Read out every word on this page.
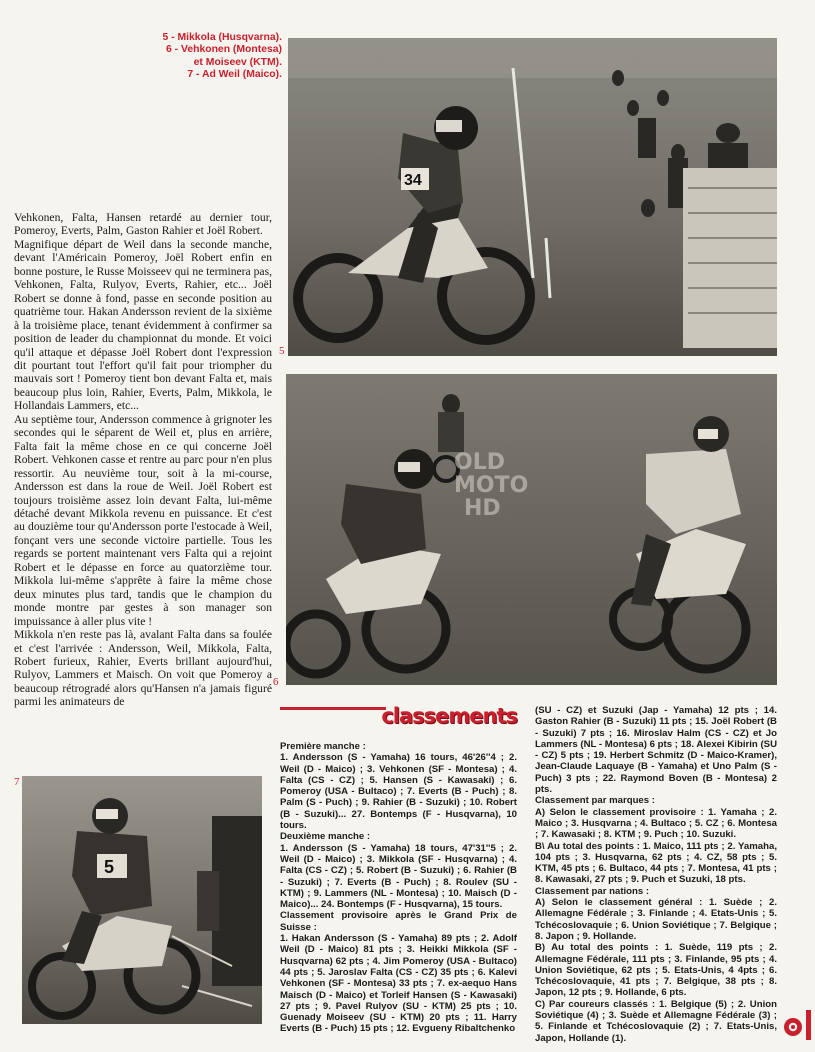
5 - Mikkola (Husqvarna).
6 - Vehkonen (Montesa)
et Moiseev (KTM).
7 - Ad Weil (Maico).
34
5
OLD
MOTO
HD
6
5
7

Vehkonen, Falta, Hansen retardé au dernier tour, Pomeroy, Everts, Palm, Gaston Rahier et Joël Robert.

Magnifique départ de Weil dans la seconde manche, devant l'Américain Pomeroy, Joël Robert enfin en bonne posture, le Russe Moisseev qui ne terminera pas, Vehkonen, Falta, Rulyov, Everts, Rahier, etc... Joël Robert se donne à fond, passe en seconde position au quatrième tour. Hakan Andersson revient de la sixième à la troisième place, tenant évidemment à confirmer sa position de leader du championnat du monde. Et voici qu'il attaque et dépasse Joël Robert dont l'expression dit pourtant tout l'effort qu'il fait pour triompher du mauvais sort ! Pomeroy tient bon devant Falta et, mais beaucoup plus loin, Rahier, Everts, Palm, Mikkola, le Hollandais Lammers, etc...

Au septième tour, Andersson commence à grignoter les secondes qui le séparent de Weil et, plus en arrière, Falta fait la même chose en ce qui concerne Joël Robert. Vehkonen casse et rentre au parc pour n'en plus ressortir. Au neuvième tour, soit à la mi-course, Andersson est dans la roue de Weil. Joël Robert est toujours troisième assez loin devant Falta, lui-même détaché devant Mikkola revenu en puissance. Et c'est au douzième tour qu'Andersson porte l'estocade à Weil, fonçant vers une seconde victoire partielle. Tous les regards se portent maintenant vers Falta qui a rejoint Robert et le dépasse en force au quatorzième tour. Mikkola lui-même s'apprête à faire la même chose deux minutes plus tard, tandis que le champion du monde montre par gestes à son manager son impuissance à aller plus vite !

Mikkola n'en reste pas là, avalant Falta dans sa foulée et c'est l'arrivée : Andersson, Weil, Mikkola, Falta, Robert furieux, Rahier, Everts brillant aujourd'hui, Rulyov, Lammers et Maisch. On voit que Pomeroy a beaucoup rétrogradé alors qu'Hansen n'a jamais figuré parmi les animateurs de

classements

Première manche :

1. Andersson (S - Yamaha) 16 tours, 46'26''4 ; 2. Weil (D - Maico) ; 3. Vehkonen (SF - Montesa) ; 4. Falta (CS - CZ) ; 5. Hansen (S - Kawasaki) ; 6. Pomeroy (USA - Bultaco) ; 7. Everts (B - Puch) ; 8. Palm (S - Puch) ; 9. Rahier (B - Suzuki) ; 10. Robert (B - Suzuki)... 27. Bontemps (F - Husqvarna), 10 tours.

Deuxième manche :

1. Andersson (S - Yamaha) 18 tours, 47'31''5 ; 2. Weil (D - Maico) ; 3. Mikkola (SF - Husqvarna) ; 4. Falta (CS - CZ) ; 5. Robert (B - Suzuki) ; 6. Rahier (B - Suzuki) ; 7. Everts (B - Puch) ; 8. Roulev (SU - KTM) ; 9. Lammers (NL - Montesa) ; 10. Maisch (D - Maico)... 24. Bontemps (F - Husqvarna), 15 tours.

Classement provisoire après le Grand Prix de Suisse :

1. Hakan Andersson (S - Yamaha) 89 pts ; 2. Adolf Weil (D - Maico) 81 pts ; 3. Heikki Mikkola (SF - Husqvarna) 62 pts ; 4. Jim Pomeroy (USA - Bultaco) 44 pts ; 5. Jaroslav Falta (CS - CZ) 35 pts ; 6. Kalevi Vehkonen (SF - Montesa) 33 pts ; 7. ex-aequo Hans Maisch (D - Maico) et Torleif Hansen (S - Kawasaki) 27 pts ; 9. Pavel Rulyov (SU - KTM) 25 pts ; 10. Guenady Moiseev (SU - KTM) 20 pts ; 11. Harry Everts (B - Puch) 15 pts ; 12. Evgueny Ribaltchenko

(SU - CZ) et Suzuki (Jap - Yamaha) 12 pts ; 14. Gaston Rahier (B - Suzuki) 11 pts ; 15. Joël Robert (B - Suzuki) 7 pts ; 16. Miroslav Halm (CS - CZ) et Jo Lammers (NL - Montesa) 6 pts ; 18. Alexei Kibirin (SU - CZ) 5 pts ; 19. Herbert Schmitz (D - Maico-Kramer), Jean-Claude Laquaye (B - Yamaha) et Uno Palm (S - Puch) 3 pts ; 22. Raymond Boven (B - Montesa) 2 pts.

Classement par marques :

A) Selon le classement provisoire : 1. Yamaha ; 2. Maico ; 3. Husqvarna ; 4. Bultaco ; 5. CZ ; 6. Montesa ; 7. Kawasaki ; 8. KTM ; 9. Puch ; 10. Suzuki.

B\ Au total des points : 1. Maico, 111 pts ; 2. Yamaha, 104 pts ; 3. Husqvarna, 62 pts ; 4. CZ, 58 pts ; 5. KTM, 45 pts ; 6. Bultaco, 44 pts ; 7. Montesa, 41 pts ; 8. Kawasaki, 27 pts ; 9. Puch et Suzuki, 18 pts.

Classement par nations :

A) Selon le classement général : 1. Suède ; 2. Allemagne Fédérale ; 3. Finlande ; 4. Etats-Unis ; 5. Tchécoslovaquie ; 6. Union Soviétique ; 7. Belgique ; 8. Japon ; 9. Hollande.

B) Au total des points : 1. Suède, 119 pts ; 2. Allemagne Fédérale, 111 pts ; 3. Finlande, 95 pts ; 4. Union Soviétique, 62 pts ; 5. Etats-Unis, 4 4pts ; 6. Tchécoslovaquie, 41 pts ; 7. Belgique, 38 pts ; 8. Japon, 12 pts ; 9. Hollande, 6 pts.

C) Par coureurs classés : 1. Belgique (5) ; 2. Union Soviétique (4) ; 3. Suède et Allemagne Fédérale (3) ; 5. Finlande et Tchécoslovaquie (2) ; 7. Etats-Unis, Japon, Hollande (1).
